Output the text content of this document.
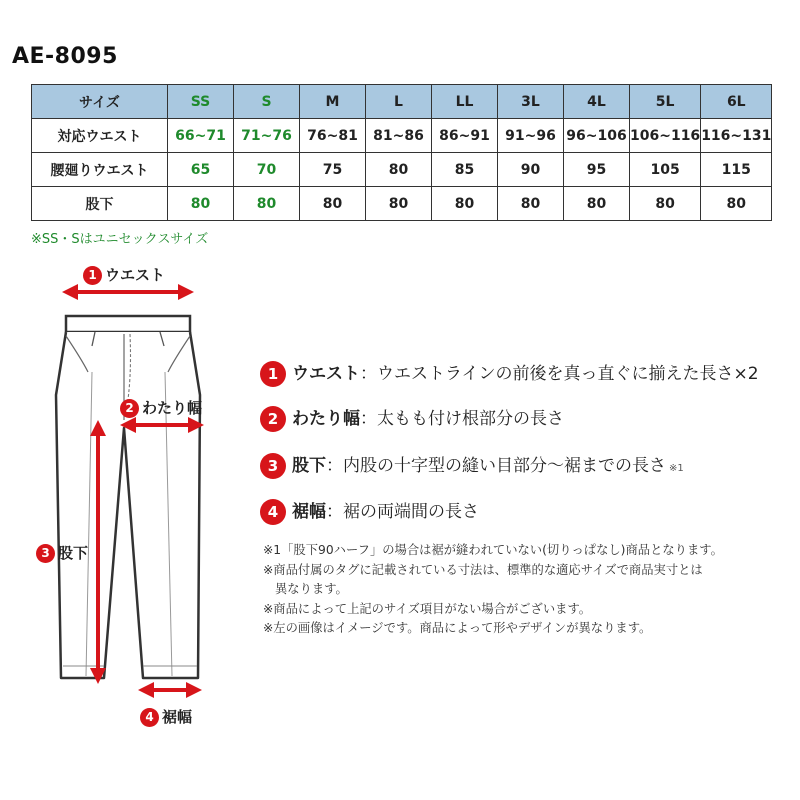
AE-8095
サイズ	SS	S	M	L	LL	3L	4L	5L	6L
対応ウエスト	66~71	71~76	76~81	81~86	86~91	91~96	96~106	106~116	116~131
腰廻りウエスト	65	70	75	80	85	90	95	105	115
股下	80	80	80	80	80	80	80	80	80
※SS・Sはユニセックスサイズ
1 ウエスト
2 わたり幅
3 股下
4 裾幅
1 ウエスト：ウエストラインの前後を真っ直ぐに揃えた長さ×2
2 わたり幅：太もも付け根部分の長さ
3 股下：内股の十字型の縫い目部分～裾までの長さ ※1
4 裾幅：裾の両端間の長さ
※1「股下90ハーフ」の場合は裾が縫われていない(切りっぱなし)商品となります。
※商品付属のタグに記載されている寸法は、標準的な適応サイズで商品実寸とは
異なります。
※商品によって上記のサイズ項目がない場合がございます。
※左の画像はイメージです。商品によって形やデザインが異なります。
